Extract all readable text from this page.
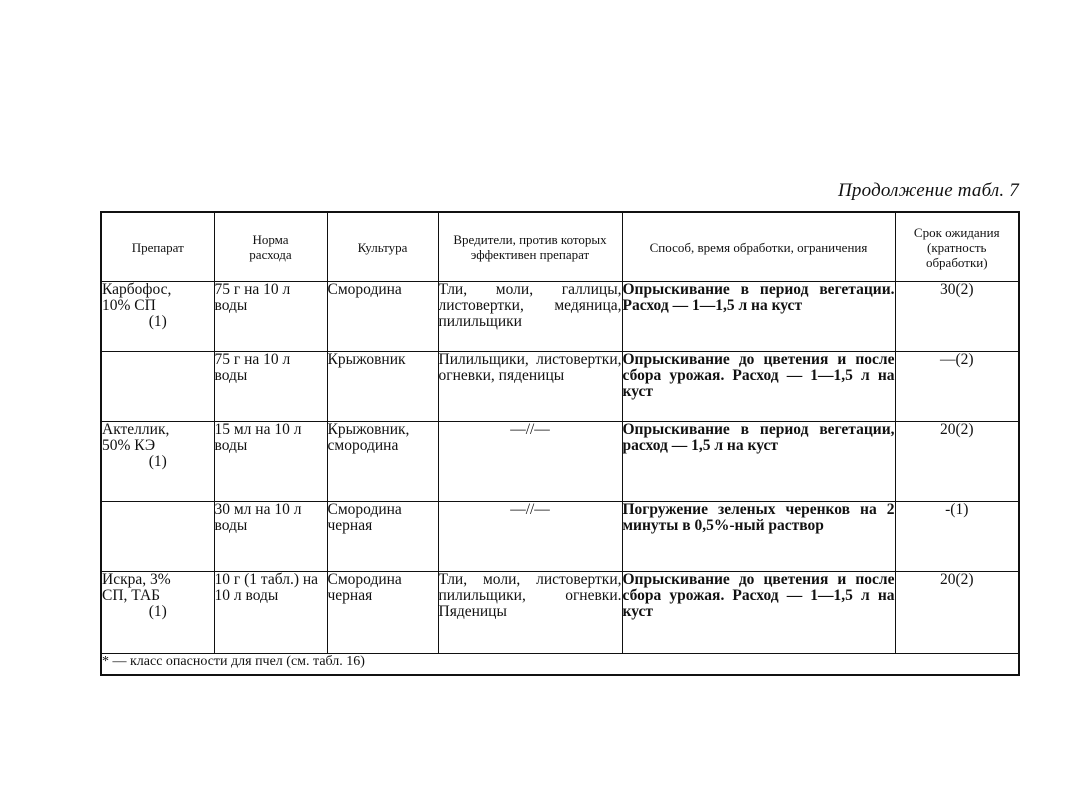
Продолжение табл. 7
Препарат	Норма расхода	Культура	Вредители, против которых эффективен препарат	Способ, время обработки, ограничения	Срок ожидания (кратность обработки)

Карбофос,
10% СП
(1)	75 г на 10 л воды	Смородина	Тли, моли, галлицы, листовертки, медяница, пилильщики	Опрыскивание в период вегетации. Расход — 1—1,5 л на куст	30(2)

	75 г на 10 л воды	Крыжовник	Пилильщики, листовертки, огневки, пяденицы	Опрыскивание до цветения и после сбора урожая. Расход — 1—1,5 л на куст	—(2)

Актеллик,
50% КЭ
(1)	15 мл на 10 л воды	Крыжовник, смородина	—//—	Опрыскивание в период вегетации, расход — 1,5 л на куст	20(2)

	30 мл на 10 л воды	Смородина черная	—//—	Погружение зеленых черенков на 2 минуты в 0,5%-ный раствор	-(1)

Искра, 3%
СП, ТАБ
(1)	10 г (1 табл.) на 10 л воды	Смородина черная	Тли, моли, листовертки, пилильщики, огневки. Пяденицы	Опрыскивание до цветения и после сбора урожая. Расход — 1—1,5 л на куст	20(2)
* — класс опасности для пчел (см. табл. 16)					
